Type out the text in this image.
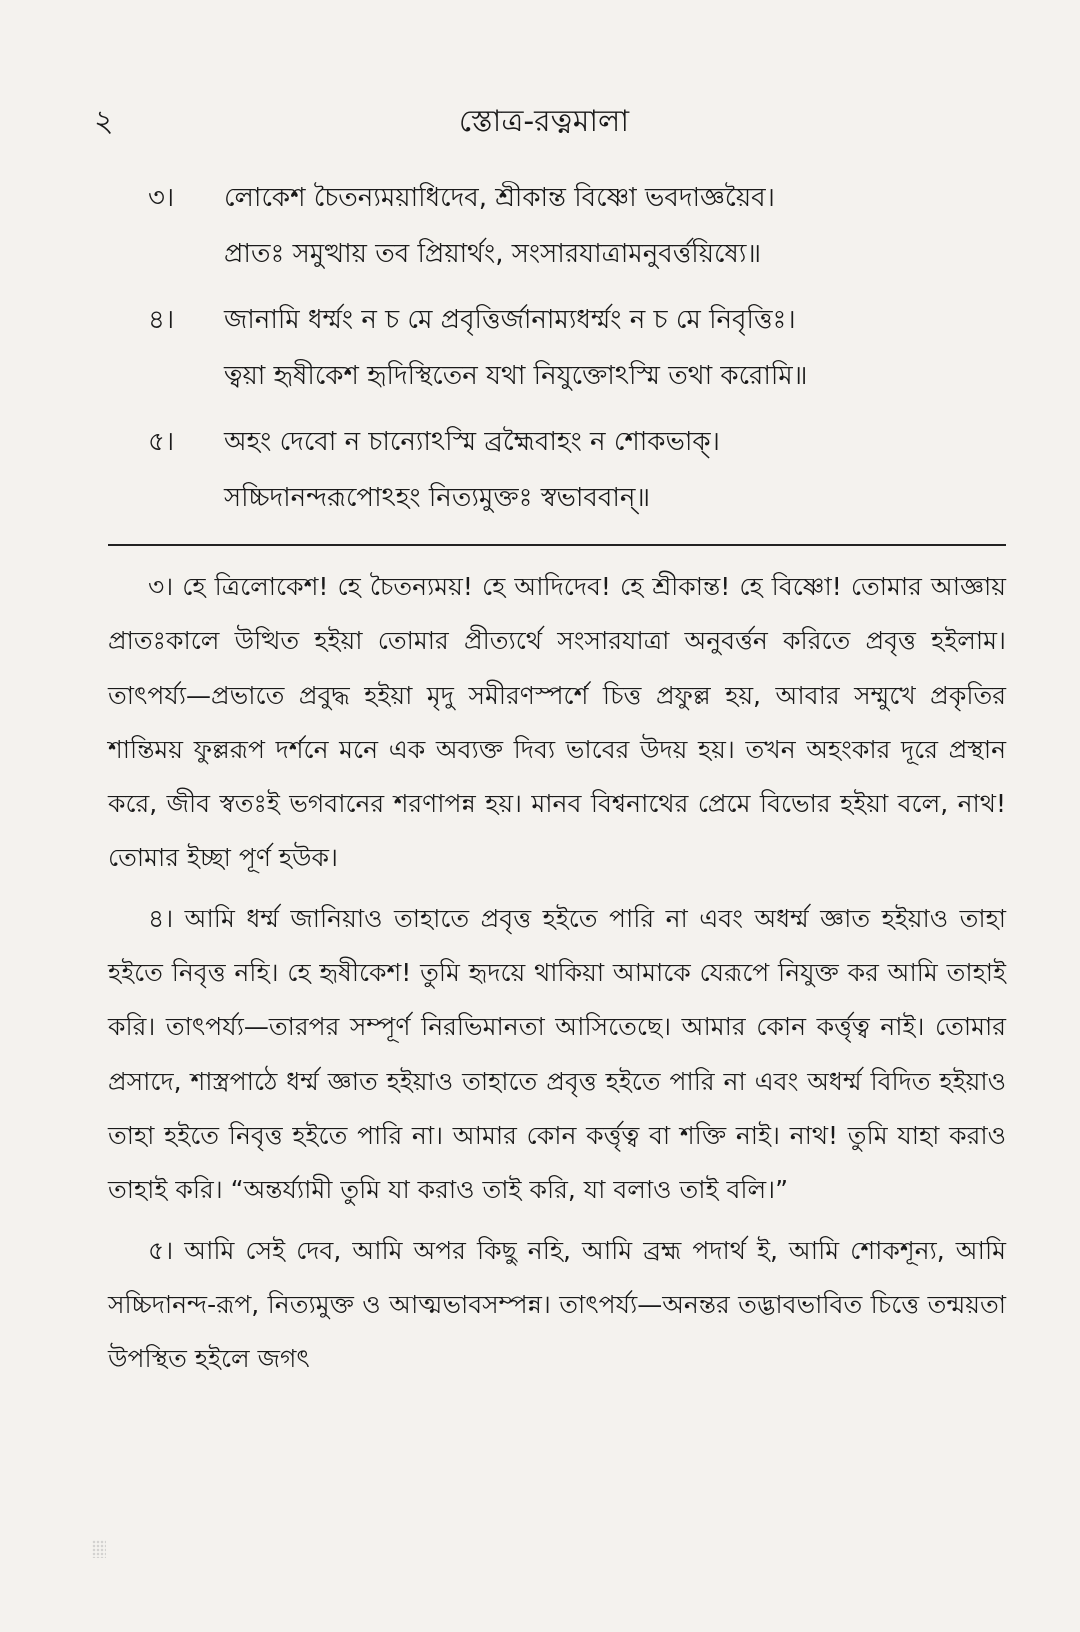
২	স্তোত্র-রত্নমালা
৩। লোকেশ চৈতন্যময়াধিদেব, শ্রীকান্ত বিষ্ণো ভবদাজ্ঞয়ৈব।
প্রাতঃ সমুত্থায় তব প্রিয়ার্থং, সংসারযাত্রামনুবর্ত্তয়িষ্যে॥
৪। জানামি ধর্ম্মং ন চ মে প্রবৃত্তির্জানাম্যধর্ম্মং ন চ মে নিবৃত্তিঃ।
ত্বয়া হৃষীকেশ হৃদিস্থিতেন যথা নিযুক্তোঽস্মি তথা করোমি॥
৫। অহং দেবো ন চান্যোঽস্মি ব্রহ্মৈবাহং ন শোকভাক্।
সচ্চিদানন্দরূপোঽহং নিত্যমুক্তঃ স্বভাববান্॥

৩। হে ত্রিলোকেশ! হে চৈতন্যময়! হে আদিদেব! হে শ্রীকান্ত! হে বিষ্ণো! তোমার আজ্ঞায় প্রাতঃকালে উত্থিত হইয়া তোমার প্রীত্যর্থে সংসারযাত্রা অনুবর্ত্তন করিতে প্রবৃত্ত হইলাম। তাৎপর্য্য—প্রভাতে প্রবুদ্ধ হইয়া মৃদু সমীরণস্পর্শে চিত্ত প্রফুল্ল হয়, আবার সম্মুখে প্রকৃতির শান্তিময় ফুল্লরূপ দর্শনে মনে এক অব্যক্ত দিব্য ভাবের উদয় হয়। তখন অহংকার দূরে প্রস্থান করে, জীব স্বতঃই ভগবানের শরণাপন্ন হয়। মানব বিশ্বনাথের প্রেমে বিভোর হইয়া বলে, নাথ! তোমার ইচ্ছা পূর্ণ হউক।

৪। আমি ধর্ম্ম জানিয়াও তাহাতে প্রবৃত্ত হইতে পারি না এবং অধর্ম্ম জ্ঞাত হইয়াও তাহা হইতে নিবৃত্ত নহি। হে হৃষীকেশ! তুমি হৃদয়ে থাকিয়া আমাকে যেরূপে নিযুক্ত কর আমি তাহাই করি। তাৎপর্য্য—তারপর সম্পূর্ণ নিরভিমানতা আসিতেছে। আমার কোন কর্ত্তৃত্ব নাই। তোমার প্রসাদে, শাস্ত্রপাঠে ধর্ম্ম জ্ঞাত হইয়াও তাহাতে প্রবৃত্ত হইতে পারি না এবং অধর্ম্ম বিদিত হইয়াও তাহা হইতে নিবৃত্ত হইতে পারি না। আমার কোন কর্ত্তৃত্ব বা শক্তি নাই। নাথ! তুমি যাহা করাও তাহাই করি। “অন্তর্য্যামী তুমি যা করাও তাই করি, যা বলাও তাই বলি।”

৫। আমি সেই দেব, আমি অপর কিছু নহি, আমি ব্রহ্ম পদার্থ ই, আমি শোকশূন্য, আমি সচ্চিদানন্দ-রূপ, নিত্যমুক্ত ও আত্মভাবসম্পন্ন। তাৎপর্য্য—অনন্তর তদ্ভাবভাবিত চিত্তে তন্ময়তা উপস্থিত হইলে জগৎ
